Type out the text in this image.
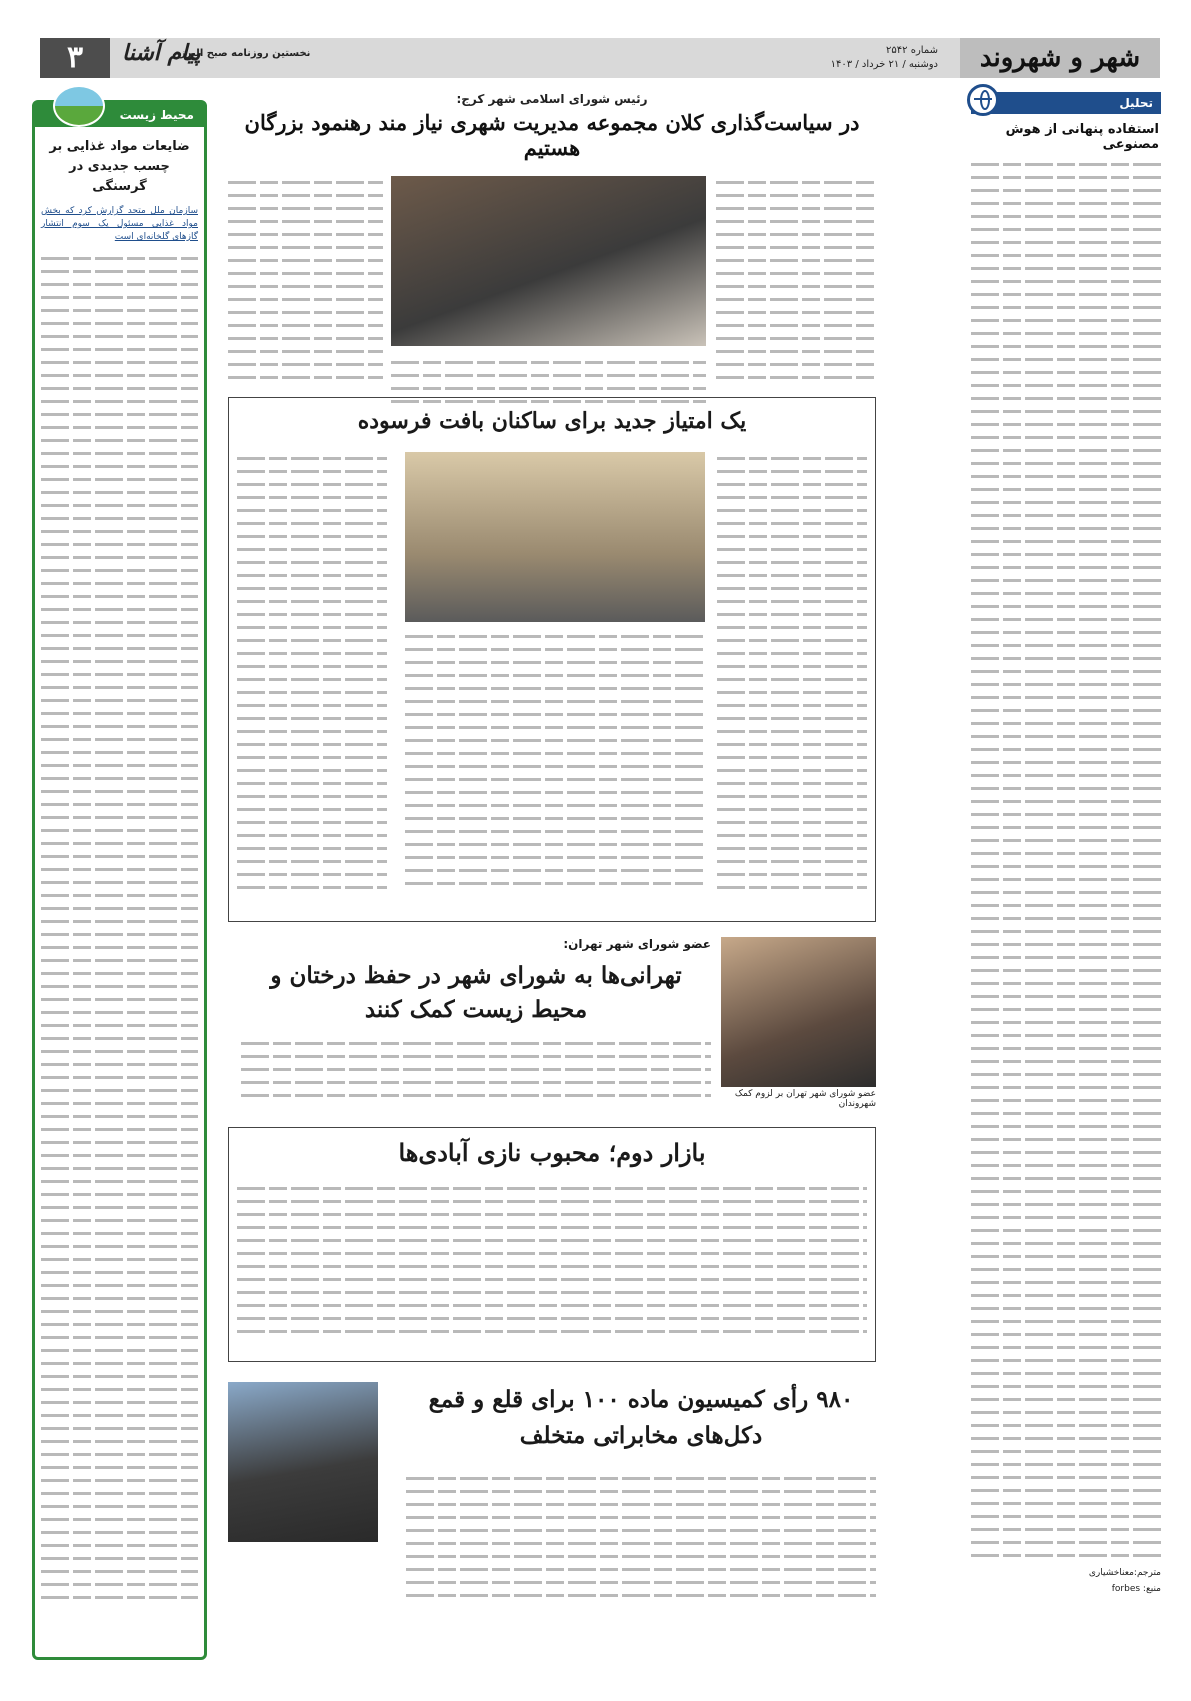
شهر و شهروند
شماره ۲۵۴۲
دوشنبه / ۲۱ خرداد / ۱۴۰۳
نخستین روزنامه صبح البرز
پیام آشنا
۳
تحلیل
استفاده پنهانی از هوش مصنوعی
مترجم:معناخشیاری
منبع: forbes
محیط زیست
ضایعات مواد غذایی بر چسب جدیدی در گرسنگی
سازمان ملل متحد گزارش کرد که بخش مواد غذایی مسئول یک سوم انتشار گازهای گلخانه‌ای است
رئیس شورای اسلامی شهر کرج:
در سیاست‌گذاری کلان مجموعه مدیریت شهری نیاز مند رهنمود بزرگان هستیم
یک امتیاز جدید برای ساکنان بافت فرسوده
عضو شورای شهر تهران بر لزوم کمک شهروندان
عضو شورای شهر تهران:
تهرانی‌ها به شورای شهر در حفظ درختان و محیط زیست کمک کنند
بازار دوم؛ محبوب نازی آبادی‌ها
۹۸۰ رأی کمیسیون ماده ۱۰۰ برای قلع و قمع دکل‌های مخابراتی متخلف
